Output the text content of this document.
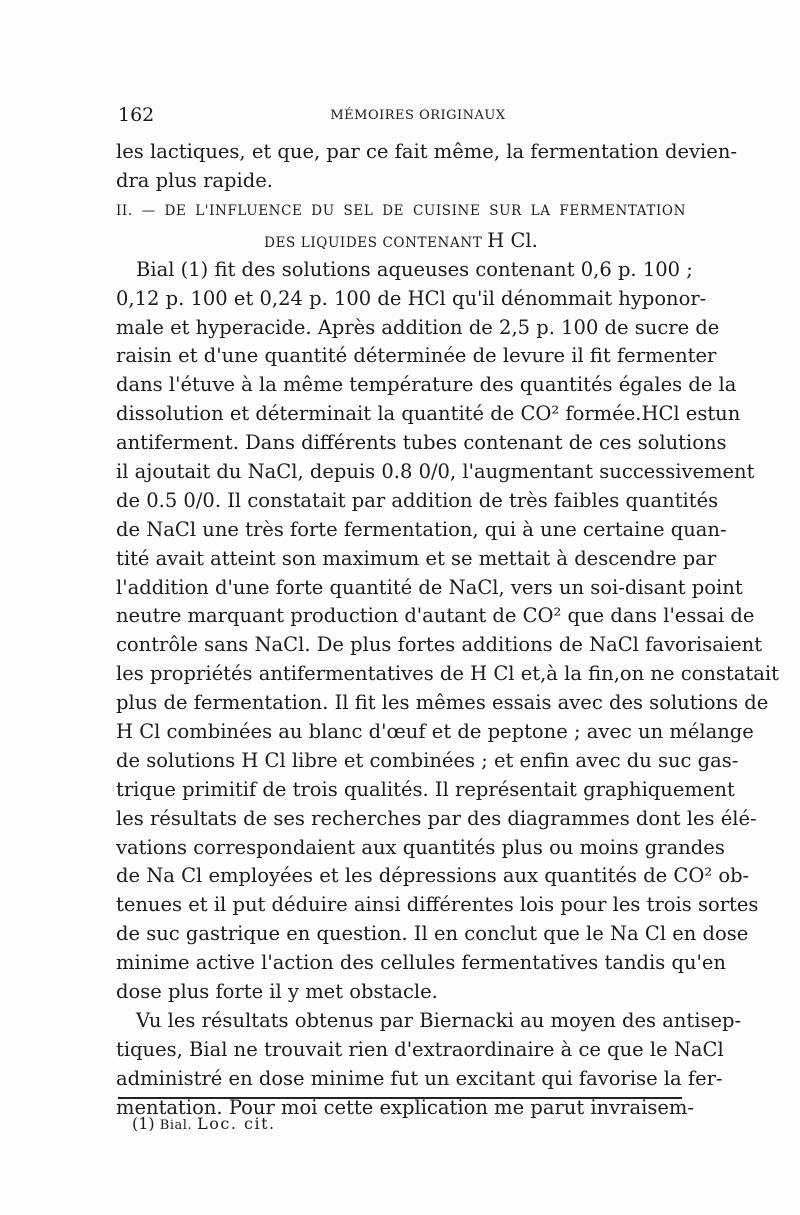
162	MÉMOIRES ORIGINAUX
les lactiques, et que, par ce fait même, la fermentation devien-
dra plus rapide.
II. — DE L'INFLUENCE DU SEL DE CUISINE SUR LA FERMENTATION
DES LIQUIDES CONTENANT H Cl.
Bial (1) fit des solutions aqueuses contenant 0,6 p. 100 ;
0,12 p. 100 et 0,24 p. 100 de HCl qu'il dénommait hyponor-
male et hyperacide. Après addition de 2,5 p. 100 de sucre de
raisin et d'une quantité déterminée de levure il fit fermenter
dans l'étuve à la même température des quantités égales de la
dissolution et déterminait la quantité de CO² formée.HCl estun
antiferment. Dans différents tubes contenant de ces solutions
il ajoutait du NaCl, depuis 0.8 0/0, l'augmentant successivement
de 0.5 0/0. Il constatait par addition de très faibles quantités
de NaCl une très forte fermentation, qui à une certaine quan-
tité avait atteint son maximum et se mettait à descendre par
l'addition d'une forte quantité de NaCl, vers un soi-disant point
neutre marquant production d'autant de CO² que dans l'essai de
contrôle sans NaCl. De plus fortes additions de NaCl favorisaient
les propriétés antifermentatives de H Cl et,à la fin,on ne constatait
plus de fermentation. Il fit les mêmes essais avec des solutions de
H Cl combinées au blanc d'œuf et de peptone ; avec un mélange
de solutions H Cl libre et combinées ; et enfin avec du suc gas-
trique primitif de trois qualités. Il représentait graphiquement
les résultats de ses recherches par des diagrammes dont les élé-
vations correspondaient aux quantités plus ou moins grandes
de Na Cl employées et les dépressions aux quantités de CO² ob-
tenues et il put déduire ainsi différentes lois pour les trois sortes
de suc gastrique en question. Il en conclut que le Na Cl en dose
minime active l'action des cellules fermentatives tandis qu'en
dose plus forte il y met obstacle.
Vu les résultats obtenus par Biernacki au moyen des antisep-
tiques, Bial ne trouvait rien d'extraordinaire à ce que le NaCl
administré en dose minime fut un excitant qui favorise la fer-
mentation. Pour moi cette explication me parut invraisem-
(1) Bial. Loc. cit.
